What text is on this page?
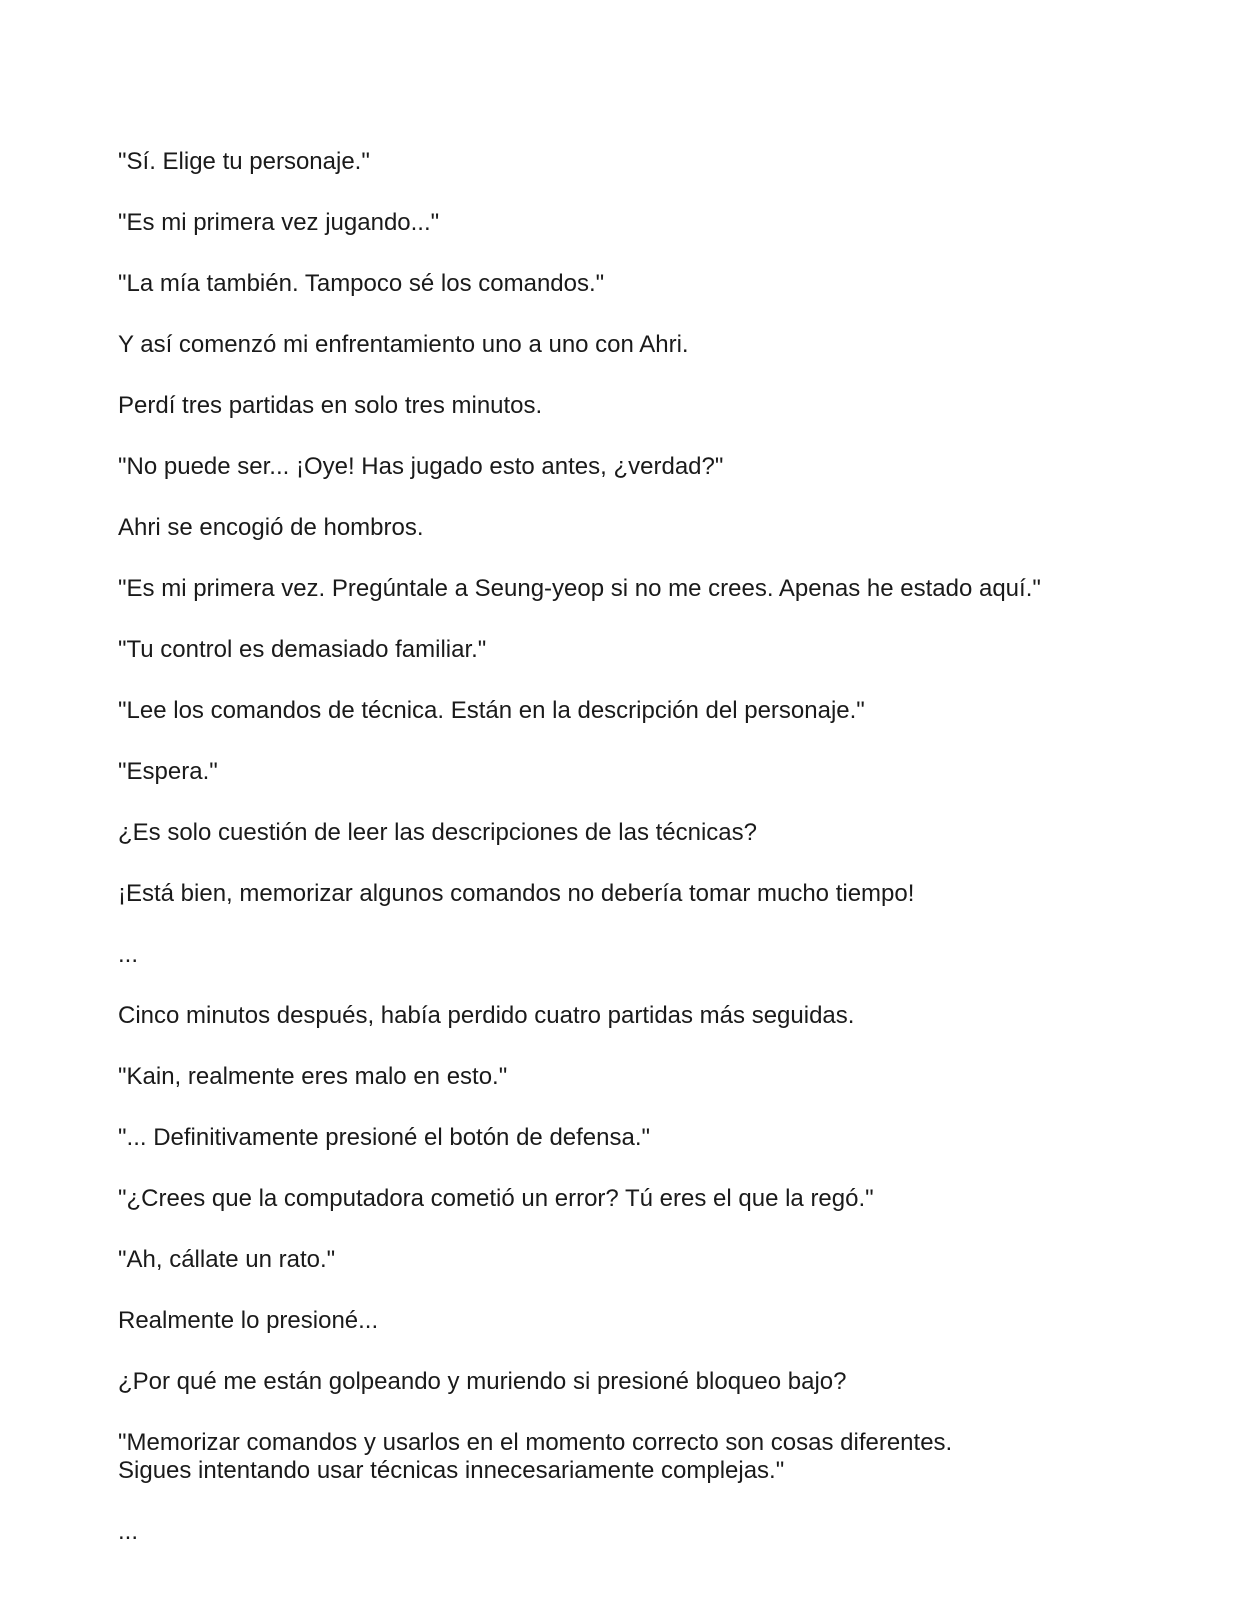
"Sí. Elige tu personaje."

"Es mi primera vez jugando..."

"La mía también. Tampoco sé los comandos."

Y así comenzó mi enfrentamiento uno a uno con Ahri.

Perdí tres partidas en solo tres minutos.

"No puede ser... ¡Oye! Has jugado esto antes, ¿verdad?"

Ahri se encogió de hombros.

"Es mi primera vez. Pregúntale a Seung-yeop si no me crees. Apenas he estado aquí."

"Tu control es demasiado familiar."

"Lee los comandos de técnica. Están en la descripción del personaje."

"Espera."

¿Es solo cuestión de leer las descripciones de las técnicas?

¡Está bien, memorizar algunos comandos no debería tomar mucho tiempo!

...

Cinco minutos después, había perdido cuatro partidas más seguidas.

"Kain, realmente eres malo en esto."

"... Definitivamente presioné el botón de defensa."

"¿Crees que la computadora cometió un error? Tú eres el que la regó."

"Ah, cállate un rato."

Realmente lo presioné...

¿Por qué me están golpeando y muriendo si presioné bloqueo bajo?

"Memorizar comandos y usarlos en el momento correcto son cosas diferentes.
Sigues intentando usar técnicas innecesariamente complejas."

...
